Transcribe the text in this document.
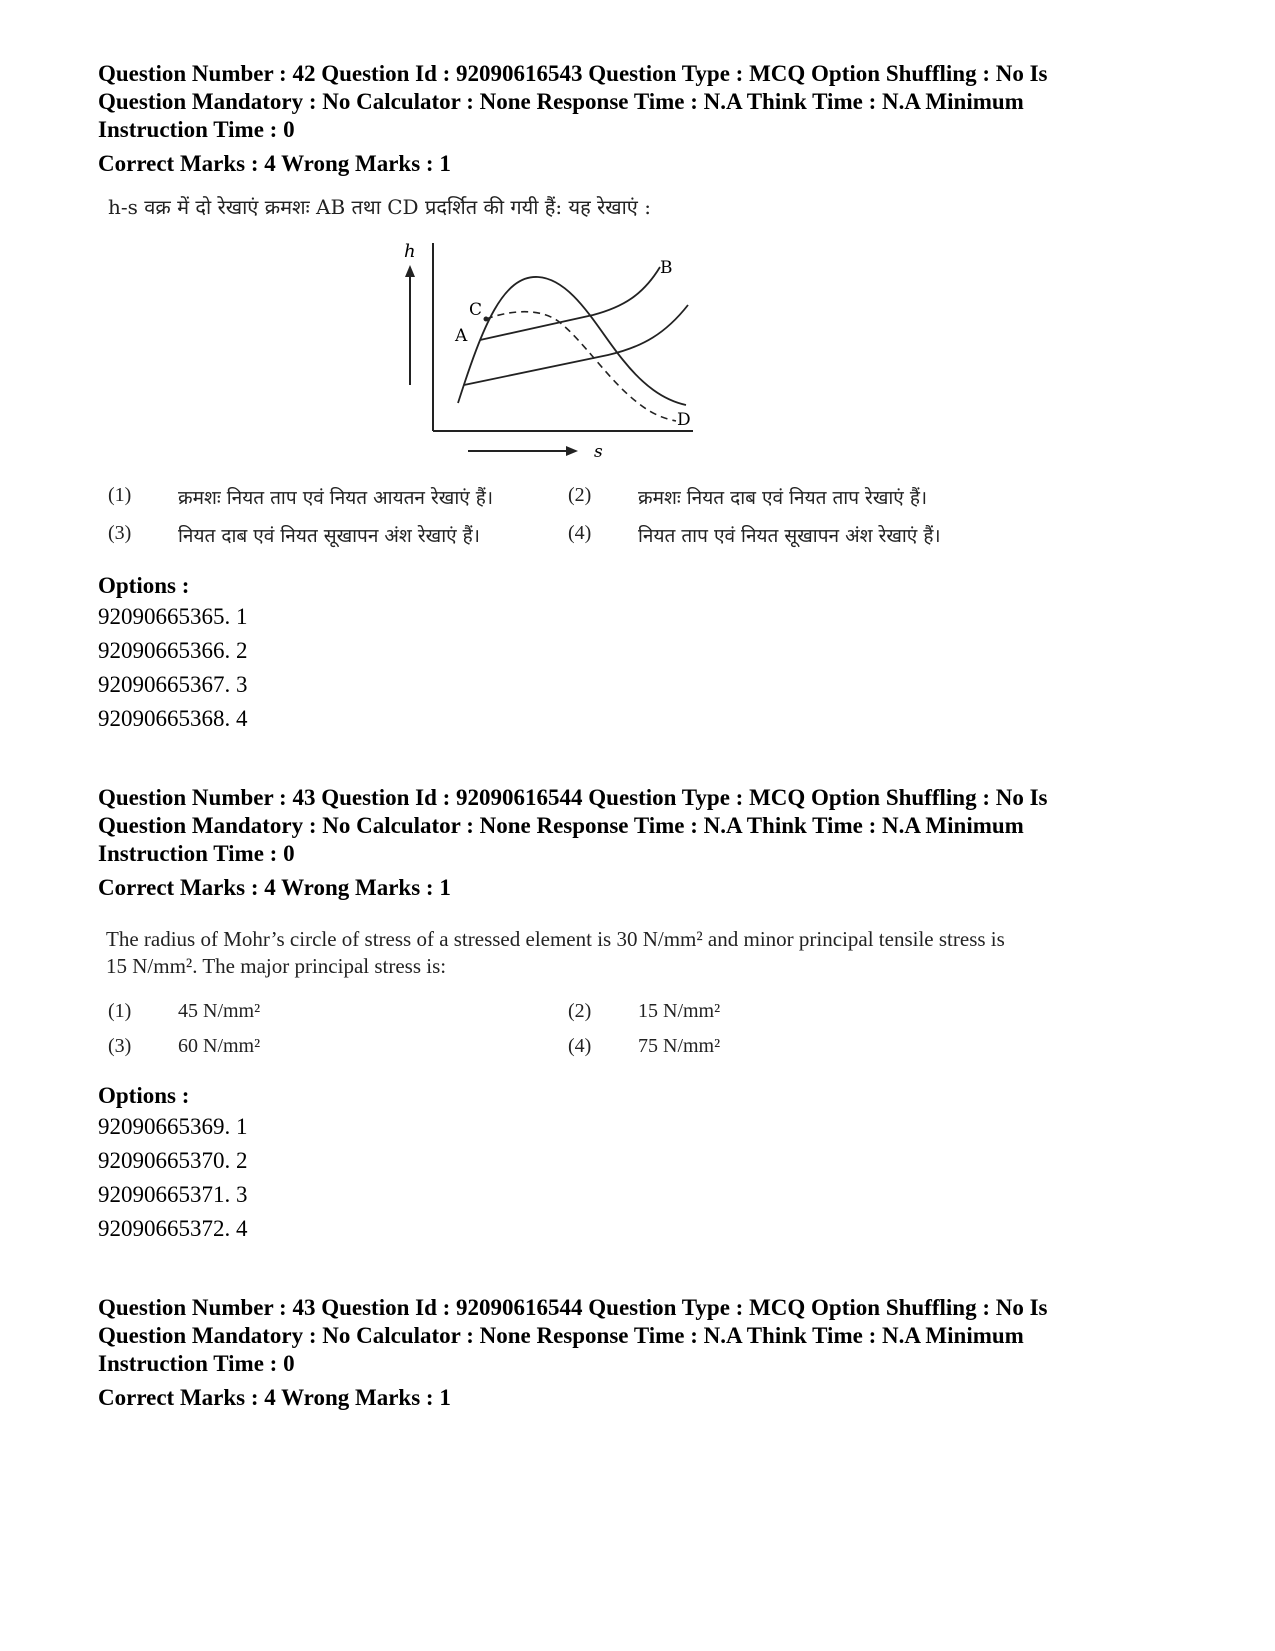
Question Number : 42 Question Id : 92090616543 Question Type : MCQ Option Shuffling : No Is Question Mandatory : No Calculator : None Response Time : N.A Think Time : N.A Minimum Instruction Time : 0
Correct Marks : 4 Wrong Marks : 1
h-s वक्र में दो रेखाएं क्रमशः AB तथा CD प्रदर्शित की गयी हैं: यह रेखाएं :
h
s
A
B
C
D
(1)	क्रमशः नियत ताप एवं नियत आयतन रेखाएं हैं।	(2)	क्रमशः नियत दाब एवं नियत ताप रेखाएं हैं।
(3)	नियत दाब एवं नियत सूखापन अंश रेखाएं हैं।	(4)	नियत ताप एवं नियत सूखापन अंश रेखाएं हैं।
Options :
92090665365. 1
92090665366. 2
92090665367. 3
92090665368. 4
Question Number : 43 Question Id : 92090616544 Question Type : MCQ Option Shuffling : No Is Question Mandatory : No Calculator : None Response Time : N.A Think Time : N.A Minimum Instruction Time : 0
Correct Marks : 4 Wrong Marks : 1
The radius of Mohr’s circle of stress of a stressed element is 30 N/mm² and minor principal tensile stress is 15 N/mm². The major principal stress is:
(1)	45 N/mm²	(2)	15 N/mm²
(3)	60 N/mm²	(4)	75 N/mm²
Options :
92090665369. 1
92090665370. 2
92090665371. 3
92090665372. 4
Question Number : 43 Question Id : 92090616544 Question Type : MCQ Option Shuffling : No Is Question Mandatory : No Calculator : None Response Time : N.A Think Time : N.A Minimum Instruction Time : 0
Correct Marks : 4 Wrong Marks : 1
